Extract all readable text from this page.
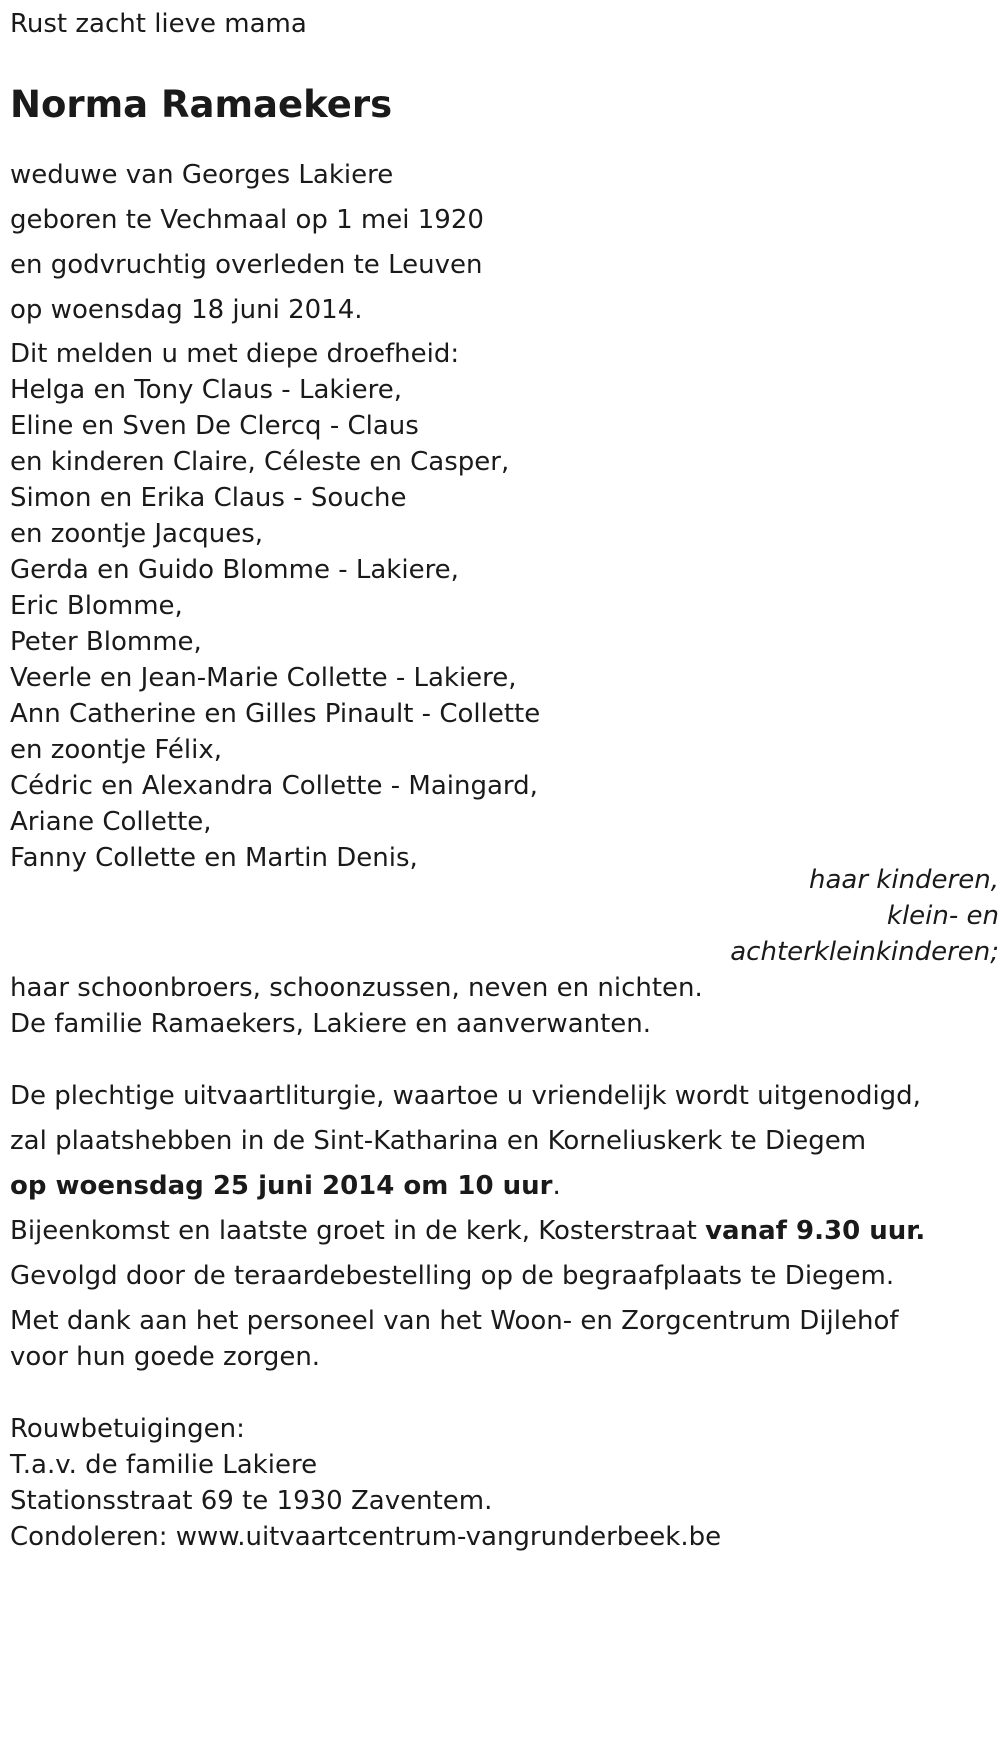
Rust zacht lieve mama

Norma Ramaekers

weduwe van Georges Lakiere

geboren te Vechmaal op 1 mei 1920

en godvruchtig overleden te Leuven

op woensdag 18 juni 2014.

Dit melden u met diepe droefheid:

Helga en Tony Claus - Lakiere,

Eline en Sven De Clercq - Claus

en kinderen Claire, Céleste en Casper,

Simon en Erika Claus - Souche

en zoontje Jacques,

Gerda en Guido Blomme - Lakiere,

Eric Blomme,

Peter Blomme,

Veerle en Jean-Marie Collette - Lakiere,

Ann Catherine en Gilles Pinault - Collette

en zoontje Félix,

Cédric en Alexandra Collette - Maingard,

Ariane Collette,

Fanny Collette en Martin Denis,

haar kinderen,
klein- en
achterkleinkinderen;

haar schoonbroers, schoonzussen, neven en nichten.

De familie Ramaekers, Lakiere en aanverwanten.

De plechtige uitvaartliturgie, waartoe u vriendelijk wordt uitgenodigd,

zal plaatshebben in de Sint-Katharina en Korneliuskerk te Diegem

op woensdag 25 juni 2014 om 10 uur.

Bijeenkomst en laatste groet in de kerk, Kosterstraat vanaf 9.30 uur.

Gevolgd door de teraardebestelling op de begraafplaats te Diegem.

Met dank aan het personeel van het Woon- en Zorgcentrum Dijlehof

voor hun goede zorgen.

Rouwbetuigingen:

T.a.v. de familie Lakiere

Stationsstraat 69 te 1930 Zaventem.

Condoleren: www.uitvaartcentrum-vangrunderbeek.be
